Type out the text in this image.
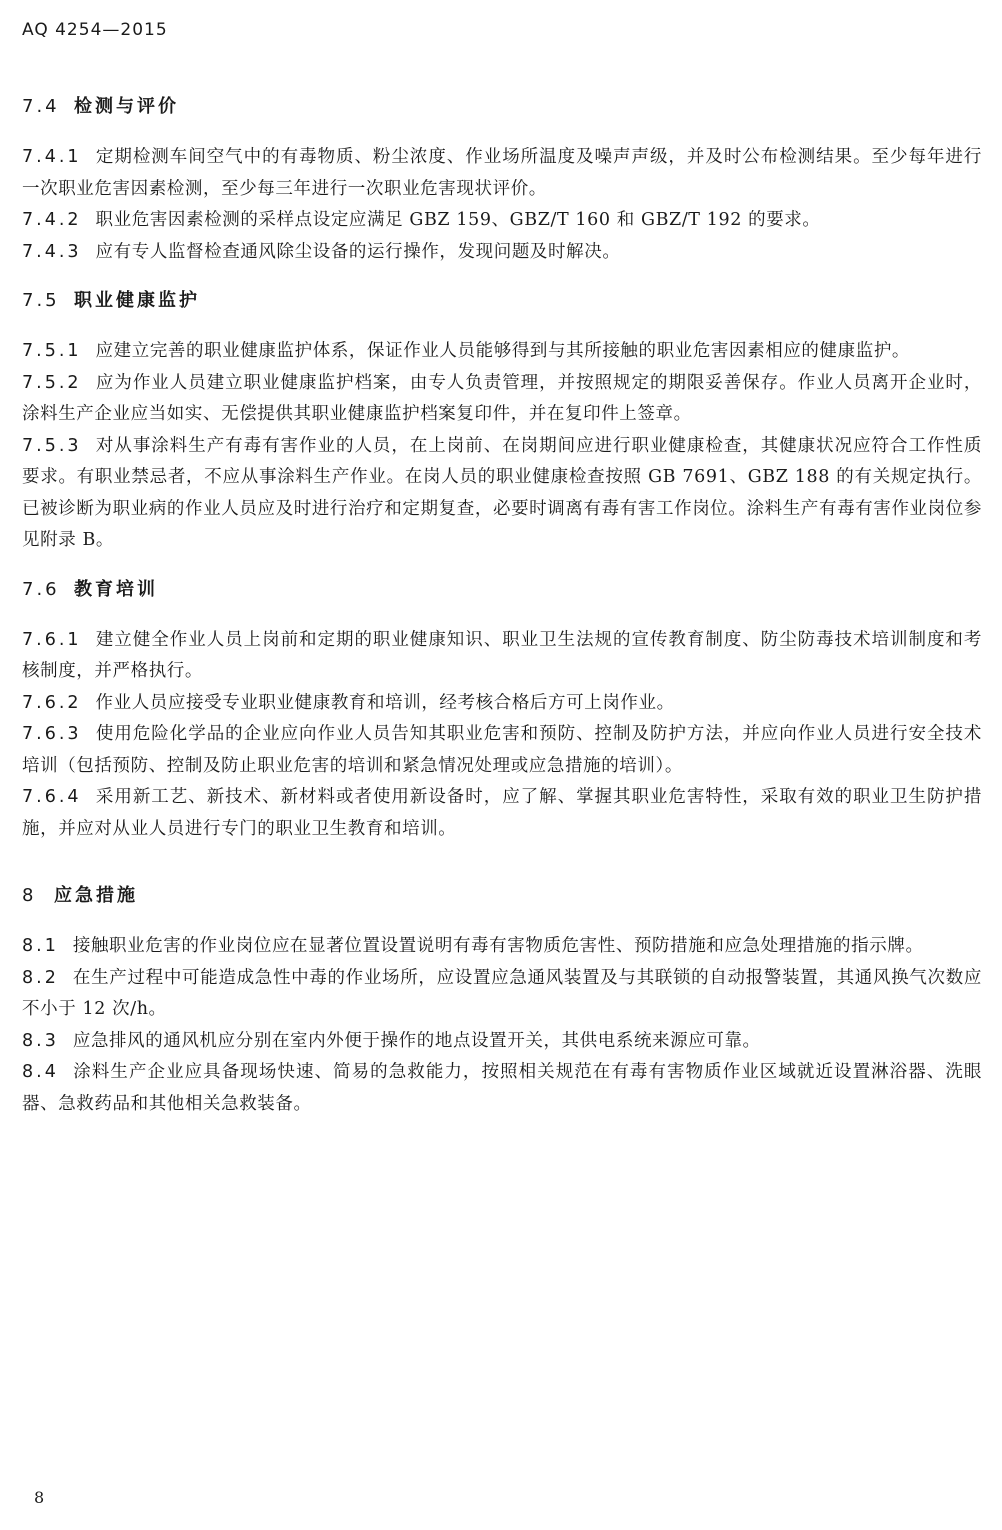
AQ 4254—2015
7.4 检测与评价

7.4.1 定期检测车间空气中的有毒物质、粉尘浓度、作业场所温度及噪声声级，并及时公布检测结果。至少每年进行一次职业危害因素检测，至少每三年进行一次职业危害现状评价。

7.4.2 职业危害因素检测的采样点设定应满足 GBZ 159、GBZ/T 160 和 GBZ/T 192 的要求。

7.4.3 应有专人监督检查通风除尘设备的运行操作，发现问题及时解决。

7.5 职业健康监护

7.5.1 应建立完善的职业健康监护体系，保证作业人员能够得到与其所接触的职业危害因素相应的健康监护。

7.5.2 应为作业人员建立职业健康监护档案，由专人负责管理，并按照规定的期限妥善保存。作业人员离开企业时，涂料生产企业应当如实、无偿提供其职业健康监护档案复印件，并在复印件上签章。

7.5.3 对从事涂料生产有毒有害作业的人员，在上岗前、在岗期间应进行职业健康检查，其健康状况应符合工作性质要求。有职业禁忌者，不应从事涂料生产作业。在岗人员的职业健康检查按照 GB 7691、GBZ 188 的有关规定执行。已被诊断为职业病的作业人员应及时进行治疗和定期复查，必要时调离有毒有害工作岗位。涂料生产有毒有害作业岗位参见附录 B。

7.6 教育培训

7.6.1 建立健全作业人员上岗前和定期的职业健康知识、职业卫生法规的宣传教育制度、防尘防毒技术培训制度和考核制度，并严格执行。

7.6.2 作业人员应接受专业职业健康教育和培训，经考核合格后方可上岗作业。

7.6.3 使用危险化学品的企业应向作业人员告知其职业危害和预防、控制及防护方法，并应向作业人员进行安全技术培训（包括预防、控制及防止职业危害的培训和紧急情况处理或应急措施的培训）。

7.6.4 采用新工艺、新技术、新材料或者使用新设备时，应了解、掌握其职业危害特性，采取有效的职业卫生防护措施，并应对从业人员进行专门的职业卫生教育和培训。

8 应急措施

8.1 接触职业危害的作业岗位应在显著位置设置说明有毒有害物质危害性、预防措施和应急处理措施的指示牌。

8.2 在生产过程中可能造成急性中毒的作业场所，应设置应急通风装置及与其联锁的自动报警装置，其通风换气次数应不小于 12 次/h。

8.3 应急排风的通风机应分别在室内外便于操作的地点设置开关，其供电系统来源应可靠。

8.4 涂料生产企业应具备现场快速、简易的急救能力，按照相关规范在有毒有害物质作业区域就近设置淋浴器、洗眼器、急救药品和其他相关急救装备。

8
